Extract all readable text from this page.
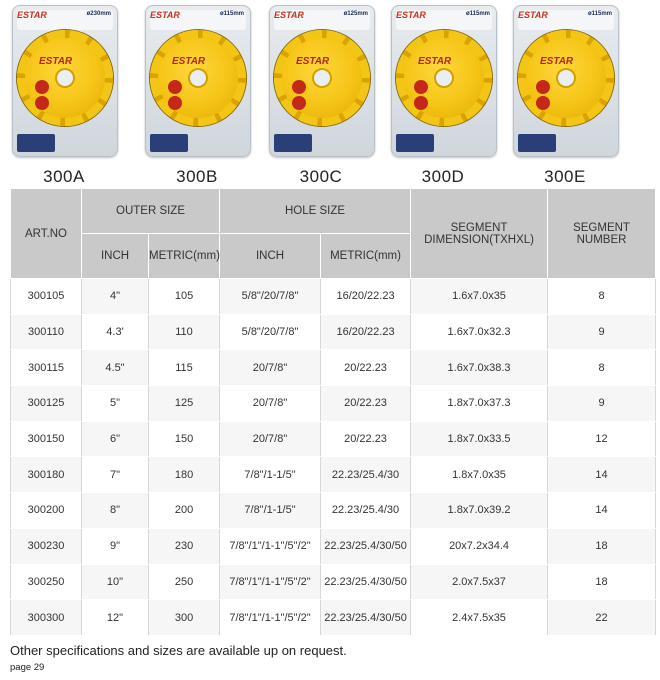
ESTAR	ø230mm
ESTAR
300A
ESTAR	ø115mm
ESTAR
300B
ESTAR	ø125mm
ESTAR
300C
ESTAR	ø115mm
ESTAR
300D
ESTAR	ø115mm
ESTAR
300E
ART.NO	OUTER SIZE		HOLE SIZE		SEGMENT DIMENSION(TXHXL)	SEGMENT NUMBER
	INCH	METRIC(mm)	INCH	METRIC(mm)		
300105	4"	105	5/8"/20/7/8"	16/20/22.23	1.6x7.0x35	8
300110	4.3'	110	5/8"/20/7/8"	16/20/22.23	1.6x7.0x32.3	9
300115	4.5"	115	20/7/8"	20/22.23	1.6x7.0x38.3	8
300125	5"	125	20/7/8"	20/22.23	1.8x7.0x37.3	9
300150	6"	150	20/7/8"	20/22.23	1.8x7.0x33.5	12
300180	7"	180	7/8"/1-1/5"	22.23/25.4/30	1.8x7.0x35	14
300200	8"	200	7/8"/1-1/5"	22.23/25.4/30	1.8x7.0x39.2	14
300230	9"	230	7/8"/1"/1-1"/5"/2"	22.23/25.4/30/50	20x7.2x34.4	18
300250	10"	250	7/8"/1"/1-1"/5"/2"	22.23/25.4/30/50	2.0x7.5x37	18
300300	12"	300	7/8"/1"/1-1"/5"/2"	22.23/25.4/30/50	2.4x7.5x35	22
Other specifications and sizes are available up on request.
page 29
